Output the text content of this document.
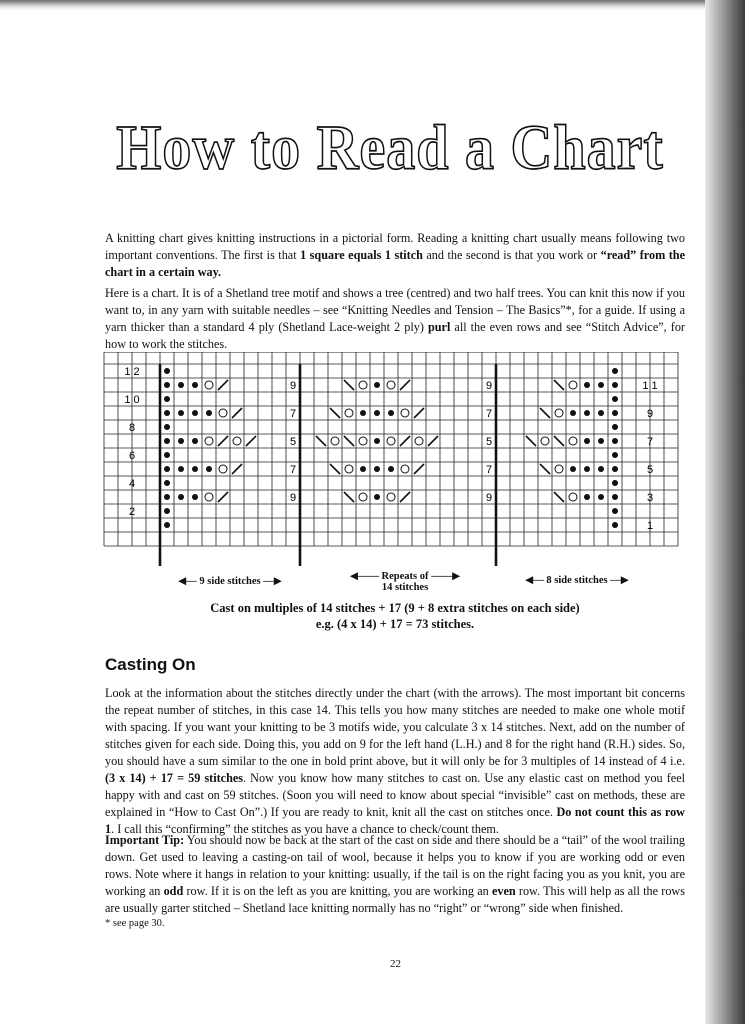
How to Read a Chart
A knitting chart gives knitting instructions in a pictorial form. Reading a knitting chart usually means following two important conventions. The first is that 1 square equals 1 stitch and the second is that you work or “read” from the chart in a certain way.
Here is a chart. It is of a Shetland tree motif and shows a tree (centred) and two half trees. You can knit this now if you want to, in any yarn with suitable needles – see “Knitting Needles and Tension – The Basics”*, for a guide. If using a yarn thicker than a standard 4 ply (Shetland Lace-weight 2 ply) purl all the even rows and see “Stitch Advice”, for how to work the stitches.
1 2
1 0
8
6
4
2
1 1
9
7
5
3
1
9	9
7	7
5	5
7	7
9	9
◀— 9 side stitches —▶	◀—— Repeats of ——▶
14 stitches
◀— 8 side stitches —▶
Cast on multiples of 14 stitches + 17 (9 + 8 extra stitches on each side)
e.g. (4 x 14) + 17 = 73 stitches.
Casting On
Look at the information about the stitches directly under the chart (with the arrows). The most important bit concerns the repeat number of stitches, in this case 14. This tells you how many stitches are needed to make one whole motif with spacing. If you want your knitting to be 3 motifs wide, you calculate 3 x 14 stitches. Next, add on the number of stitches given for each side. Doing this, you add on 9 for the left hand (L.H.) and 8 for the right hand (R.H.) sides. So, you should have a sum similar to the one in bold print above, but it will only be for 3 multiples of 14 instead of 4 i.e. (3 x 14) + 17 = 59 stitches. Now you know how many stitches to cast on. Use any elastic cast on method you feel happy with and cast on 59 stitches. (Soon you will need to know about special “invisible” cast on methods, these are explained in “How to Cast On”.) If you are ready to knit, knit all the cast on stitches once. Do not count this as row 1. I call this “confirming” the stitches as you have a chance to check/count them.
Important Tip: You should now be back at the start of the cast on side and there should be a “tail” of the wool trailing down. Get used to leaving a casting-on tail of wool, because it helps you to know if you are working odd or even rows. Note where it hangs in relation to your knitting: usually, if the tail is on the right facing you as you knit, you are working an odd row. If it is on the left as you are knitting, you are working an even row. This will help as all the rows are usually garter stitched – Shetland lace knitting normally has no “right” or “wrong” side when finished.
* see page 30.
22
